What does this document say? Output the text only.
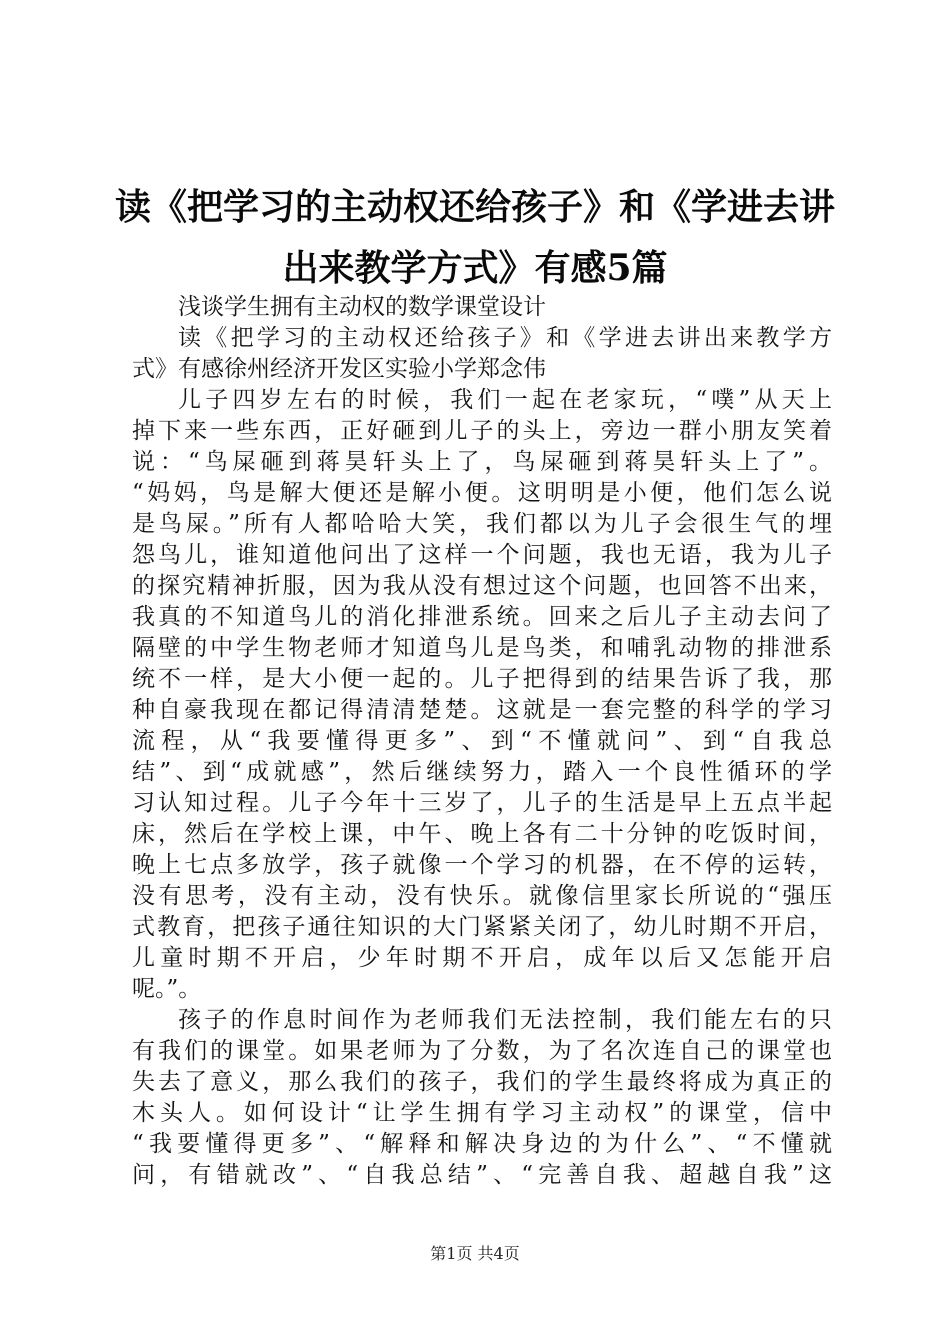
读《把学习的主动权还给孩子》和《学进去讲
出来教学方式》有感5篇
浅谈学生拥有主动权的数学课堂设计
读《把学习的主动权还给孩子》和《学进去讲出来教学方
式》有感徐州经济开发区实验小学郑念伟
儿子四岁左右的时候，我们一起在老家玩，“噗”从天上
掉下来一些东西，正好砸到儿子的头上，旁边一群小朋友笑着
说：“鸟屎砸到蒋昊轩头上了，鸟屎砸到蒋昊轩头上了”。
“妈妈，鸟是解大便还是解小便。这明明是小便，他们怎么说
是鸟屎。”所有人都哈哈大笑，我们都以为儿子会很生气的埋
怨鸟儿，谁知道他问出了这样一个问题，我也无语，我为儿子
的探究精神折服，因为我从没有想过这个问题，也回答不出来，
我真的不知道鸟儿的消化排泄系统。回来之后儿子主动去问了
隔壁的中学生物老师才知道鸟儿是鸟类，和哺乳动物的排泄系
统不一样，是大小便一起的。儿子把得到的结果告诉了我，那
种自豪我现在都记得清清楚楚。这就是一套完整的科学的学习
流程，从“我要懂得更多”、到“不懂就问”、到“自我总
结”、到“成就感”，然后继续努力，踏入一个良性循环的学
习认知过程。儿子今年十三岁了，儿子的生活是早上五点半起
床，然后在学校上课，中午、晚上各有二十分钟的吃饭时间，
晚上七点多放学，孩子就像一个学习的机器，在不停的运转，
没有思考，没有主动，没有快乐。就像信里家长所说的“强压
式教育，把孩子通往知识的大门紧紧关闭了，幼儿时期不开启，
儿童时期不开启，少年时期不开启，成年以后又怎能开启
呢。”。
孩子的作息时间作为老师我们无法控制，我们能左右的只
有我们的课堂。如果老师为了分数，为了名次连自己的课堂也
失去了意义，那么我们的孩子，我们的学生最终将成为真正的
木头人。如何设计“让学生拥有学习主动权”的课堂，信中
“我要懂得更多”、“解释和解决身边的为什么”、“不懂就
问，有错就改”、“自我总结”、“完善自我、超越自我”这
第1页 共4页
